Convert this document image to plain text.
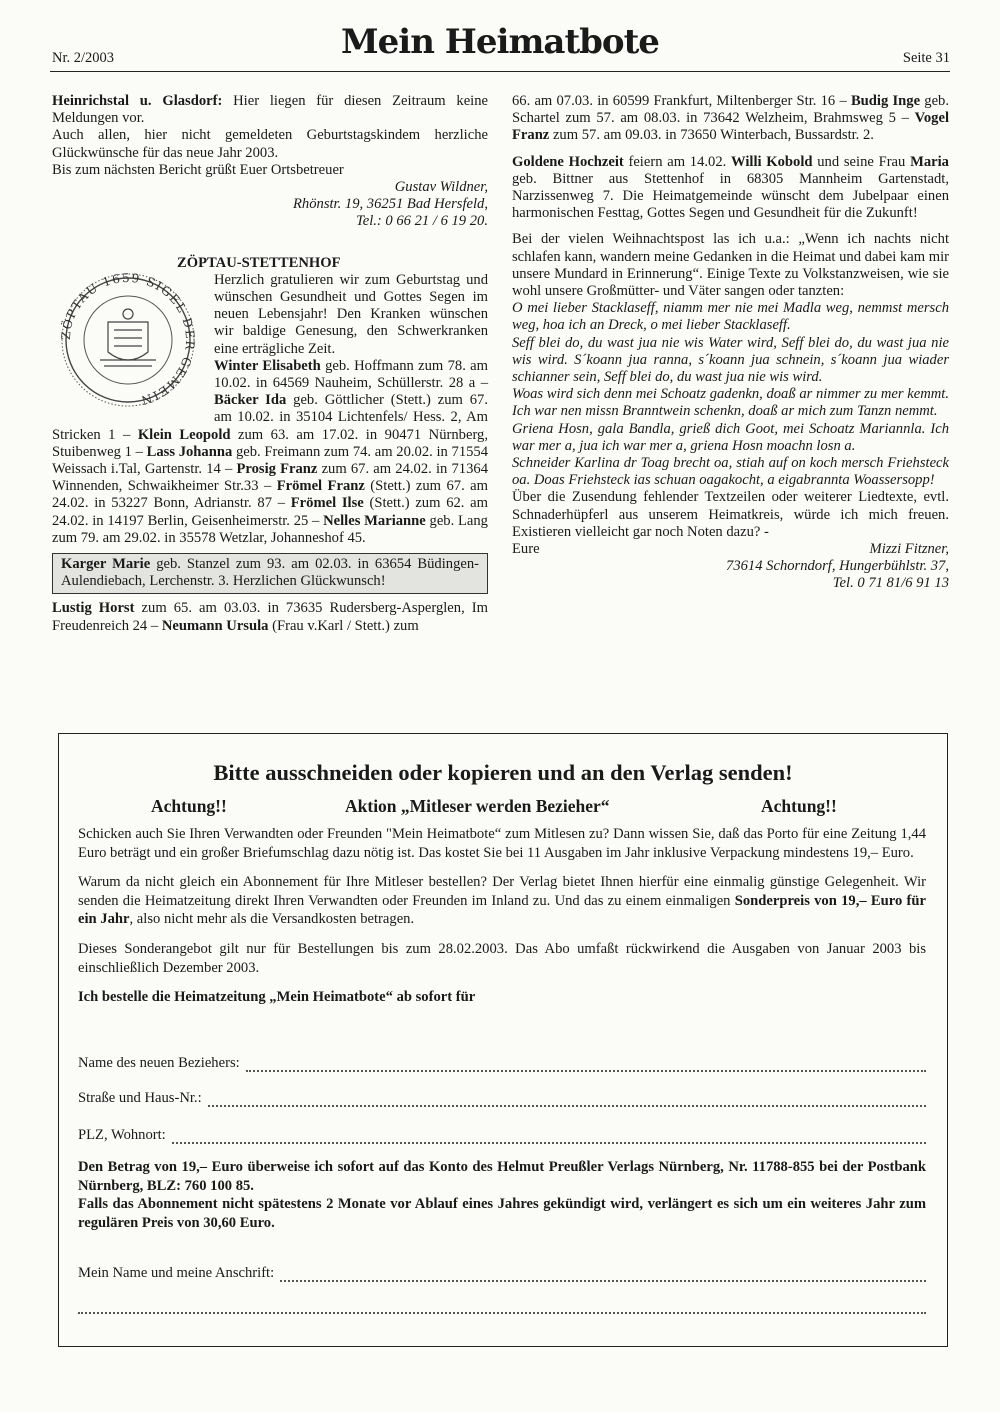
Nr. 2/2003	Mein Heimatbote	Seite 31

Heinrichstal u. Glasdorf: Hier liegen für diesen Zeitraum keine Meldungen vor.

Auch allen, hier nicht gemeldeten Geburtstagskindem herzliche Glückwünsche für das neue Jahr 2003.

Bis zum nächsten Bericht grüßt Euer Ortsbetreuer

Gustav Wildner,

Rhönstr. 19, 36251 Bad Hersfeld,

Tel.: 0 66 21 / 6 19 20.

ZÖPTAU-STETTENHOF
ZÖPTAU 1659 SIGEL DER GEMEIN

Herzlich gratulieren wir zum Geburtstag und wünschen Gesundheit und Gottes Segen im neuen Lebensjahr! Den Kranken wünschen wir baldige Genesung, den Schwerkranken eine erträgliche Zeit.

Winter Elisabeth geb. Hoffmann zum 78. am 10.02. in 64569 Nauheim, Schüllerstr. 28 a – Bäcker Ida geb. Göttlicher (Stett.) zum 67. am 10.02. in 35104 Lichtenfels/ Hess. 2, Am Stricken 1 – Klein Leopold zum 63. am 17.02. in 90471 Nürnberg, Stuibenweg 1 – Lass Johanna geb. Freimann zum 74. am 20.02. in 71554 Weissach i.Tal, Gartenstr. 14 – Prosig Franz zum 67. am 24.02. in 71364 Winnenden, Schwaikheimer Str.33 – Frömel Franz (Stett.) zum 67. am 24.02. in 53227 Bonn, Adrianstr. 87 – Frömel Ilse (Stett.) zum 62. am 24.02. in 14197 Berlin, Geisenheimerstr. 25 – Nelles Marianne geb. Lang zum 79. am 29.02. in 35578 Wetzlar, Johanneshof 45.

Karger Marie geb. Stanzel zum 93. am 02.03. in 63654 Büdingen-Aulendiebach, Lerchenstr. 3. Herzlichen Glückwunsch!

Lustig Horst zum 65. am 03.03. in 73635 Rudersberg-Asperglen, Im Freudenreich 24 – Neumann Ursula (Frau v.Karl / Stett.) zum

66. am 07.03. in 60599 Frankfurt, Miltenberger Str. 16 – Budig Inge geb. Schartel zum 57. am 08.03. in 73642 Welzheim, Brahmsweg 5 – Vogel Franz zum 57. am 09.03. in 73650 Winterbach, Bussardstr. 2.

Goldene Hochzeit feiern am 14.02. Willi Kobold und seine Frau Maria geb. Bittner aus Stettenhof in 68305 Mannheim Gartenstadt, Narzissenweg 7. Die Heimatgemeinde wünscht dem Jubelpaar einen harmonischen Festtag, Gottes Segen und Gesundheit für die Zukunft!

Bei der vielen Weihnachtspost las ich u.a.: „Wenn ich nachts nicht schlafen kann, wandern meine Gedanken in die Heimat und dabei kam mir unsere Mundard in Erinnerung“. Einige Texte zu Volkstanzweisen, wie sie wohl unsere Großmütter- und Väter sangen oder tanzten:

O mei lieber Stacklaseff, niamm mer nie mei Madla weg, nemmst mersch weg, hoa ich an Dreck, o mei lieber Stacklaseff.

Seff blei do, du wast jua nie wis Water wird, Seff blei do, du wast jua nie wis wird. S´koann jua ranna, s´koann jua schnein, s´koann jua wiader schianner sein, Seff blei do, du wast jua nie wis wird.

Woas wird sich denn mei Schoatz gadenkn, doaß ar nimmer zu mer kemmt. Ich war nen missn Branntwein schenkn, doaß ar mich zum Tanzn nemmt.

Griena Hosn, gala Bandla, grieß dich Goot, mei Schoatz Mariannla. Ich war mer a, jua ich war mer a, griena Hosn moachn losn a.

Schneider Karlina dr Toag brecht oa, stiah auf on koch mersch Friehsteck oa. Doas Friehsteck ias schuan oagakocht, a eigabrannta Woassersopp!

Über die Zusendung fehlender Textzeilen oder weiterer Liedtexte, evtl. Schnaderhüpferl aus unserem Heimatkreis, würde ich mich freuen. Existieren vielleicht gar noch Noten dazu? -

Eure	Mizzi Fitzner,

73614 Schorndorf, Hungerbühlstr. 37,

Tel. 0 71 81/6 91 13

Bitte ausschneiden oder kopieren und an den Verlag senden!
Achtung!!	Aktion „Mitleser werden Bezieher“	Achtung!!

Schicken auch Sie Ihren Verwandten oder Freunden "Mein Heimatbote“ zum Mitlesen zu? Dann wissen Sie, daß das Porto für eine Zeitung 1,44 Euro beträgt und ein großer Briefumschlag dazu nötig ist. Das kostet Sie bei 11 Ausgaben im Jahr inklusive Verpackung mindestens 19,– Euro.

Warum da nicht gleich ein Abonnement für Ihre Mitleser bestellen? Der Verlag bietet Ihnen hierfür eine einmalig günstige Gelegenheit. Wir senden die Heimatzeitung direkt Ihren Verwandten oder Freunden im Inland zu. Und das zu einem einmaligen Sonderpreis von 19,– Euro für ein Jahr, also nicht mehr als die Versandkosten betragen.

Dieses Sonderangebot gilt nur für Bestellungen bis zum 28.02.2003. Das Abo umfaßt rückwirkend die Ausgaben von Januar 2003 bis einschließlich Dezember 2003.

Ich bestelle die Heimatzeitung „Mein Heimatbote“ ab sofort für

Name des neuen Beziehers:
Straße und Haus-Nr.:
PLZ, Wohnort:

Den Betrag von 19,– Euro überweise ich sofort auf das Konto des Helmut Preußler Verlags Nürnberg, Nr. 11788-855 bei der Postbank Nürnberg, BLZ: 760 100 85.

Falls das Abonnement nicht spätestens 2 Monate vor Ablauf eines Jahres gekündigt wird, verlängert es sich um ein weiteres Jahr zum regulären Preis von 30,60 Euro.

Mein Name und meine Anschrift:
